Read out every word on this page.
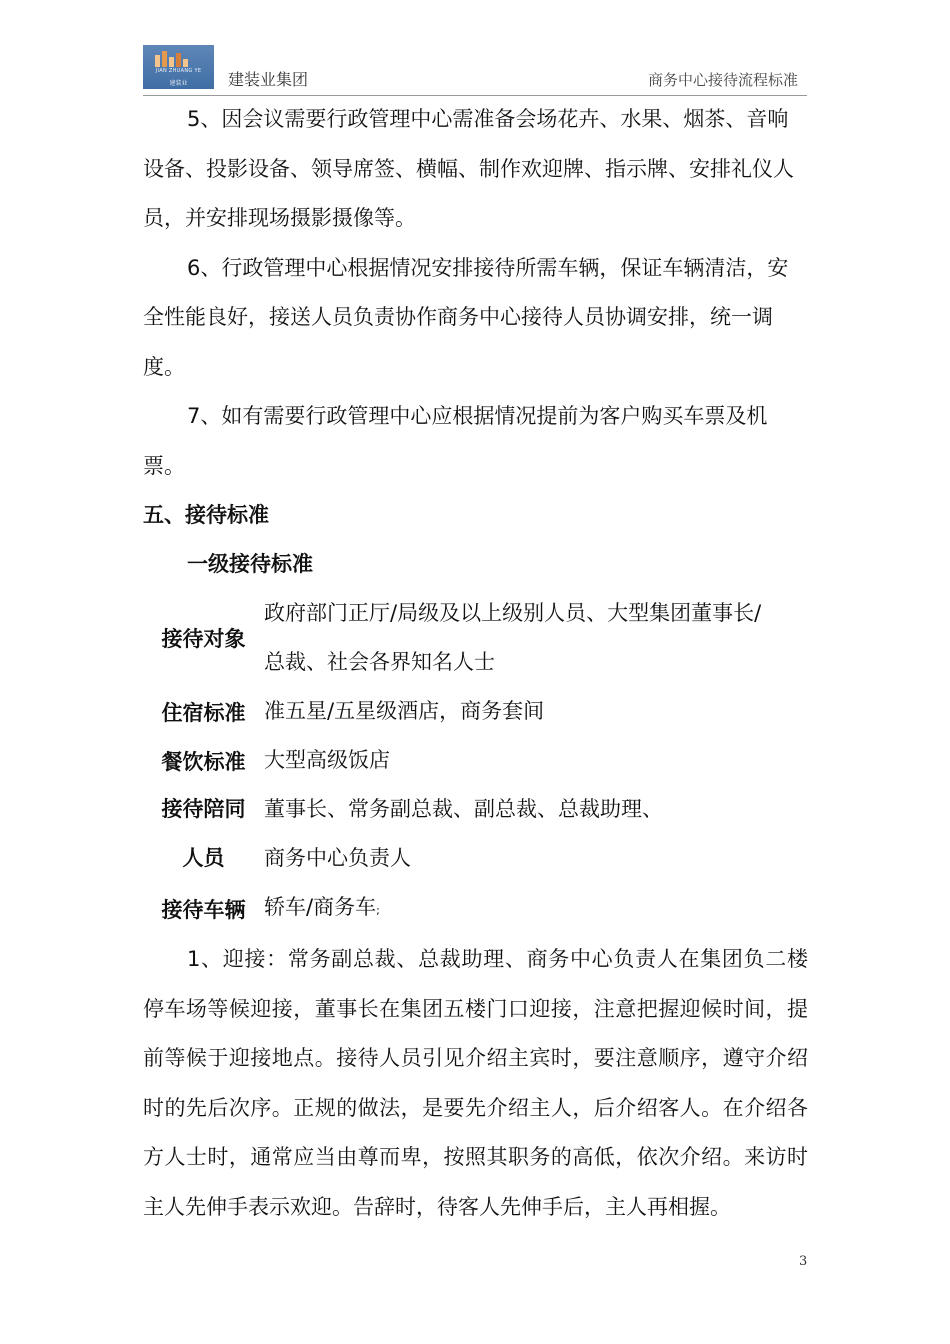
JIAN ZHUANG YE
建装业	建装业集团	商务中心接待流程标准

5、因会议需要行政管理中心需准备会场花卉、水果、烟茶、音响设备、投影设备、领导席签、横幅、制作欢迎牌、指示牌、安排礼仪人员，并安排现场摄影摄像等。

6、行政管理中心根据情况安排接待所需车辆，保证车辆清洁，安全性能良好，接送人员负责协作商务中心接待人员协调安排，统一调度。

7、如有需要行政管理中心应根据情况提前为客户购买车票及机票。

五、接待标准

一级接待标准

接待对象
政府部门正厅/局级及以上级别人员、大型集团董事长/
总裁、社会各界知名人士
住宿标准 准五星/五星级酒店，商务套间
餐饮标准 大型高级饭店
接待陪同
人员
董事长、常务副总裁、副总裁、总裁助理、
商务中心负责人
接待车辆 轿车/商务车;

1、迎接：常务副总裁、总裁助理、商务中心负责人在集团负二楼停车场等候迎接，董事长在集团五楼门口迎接，注意把握迎候时间，提前等候于迎接地点。接待人员引见介绍主宾时，要注意顺序，遵守介绍时的先后次序。正规的做法，是要先介绍主人，后介绍客人。在介绍各方人士时，通常应当由尊而卑，按照其职务的高低，依次介绍。来访时主人先伸手表示欢迎。告辞时，待客人先伸手后，主人再相握。

3
